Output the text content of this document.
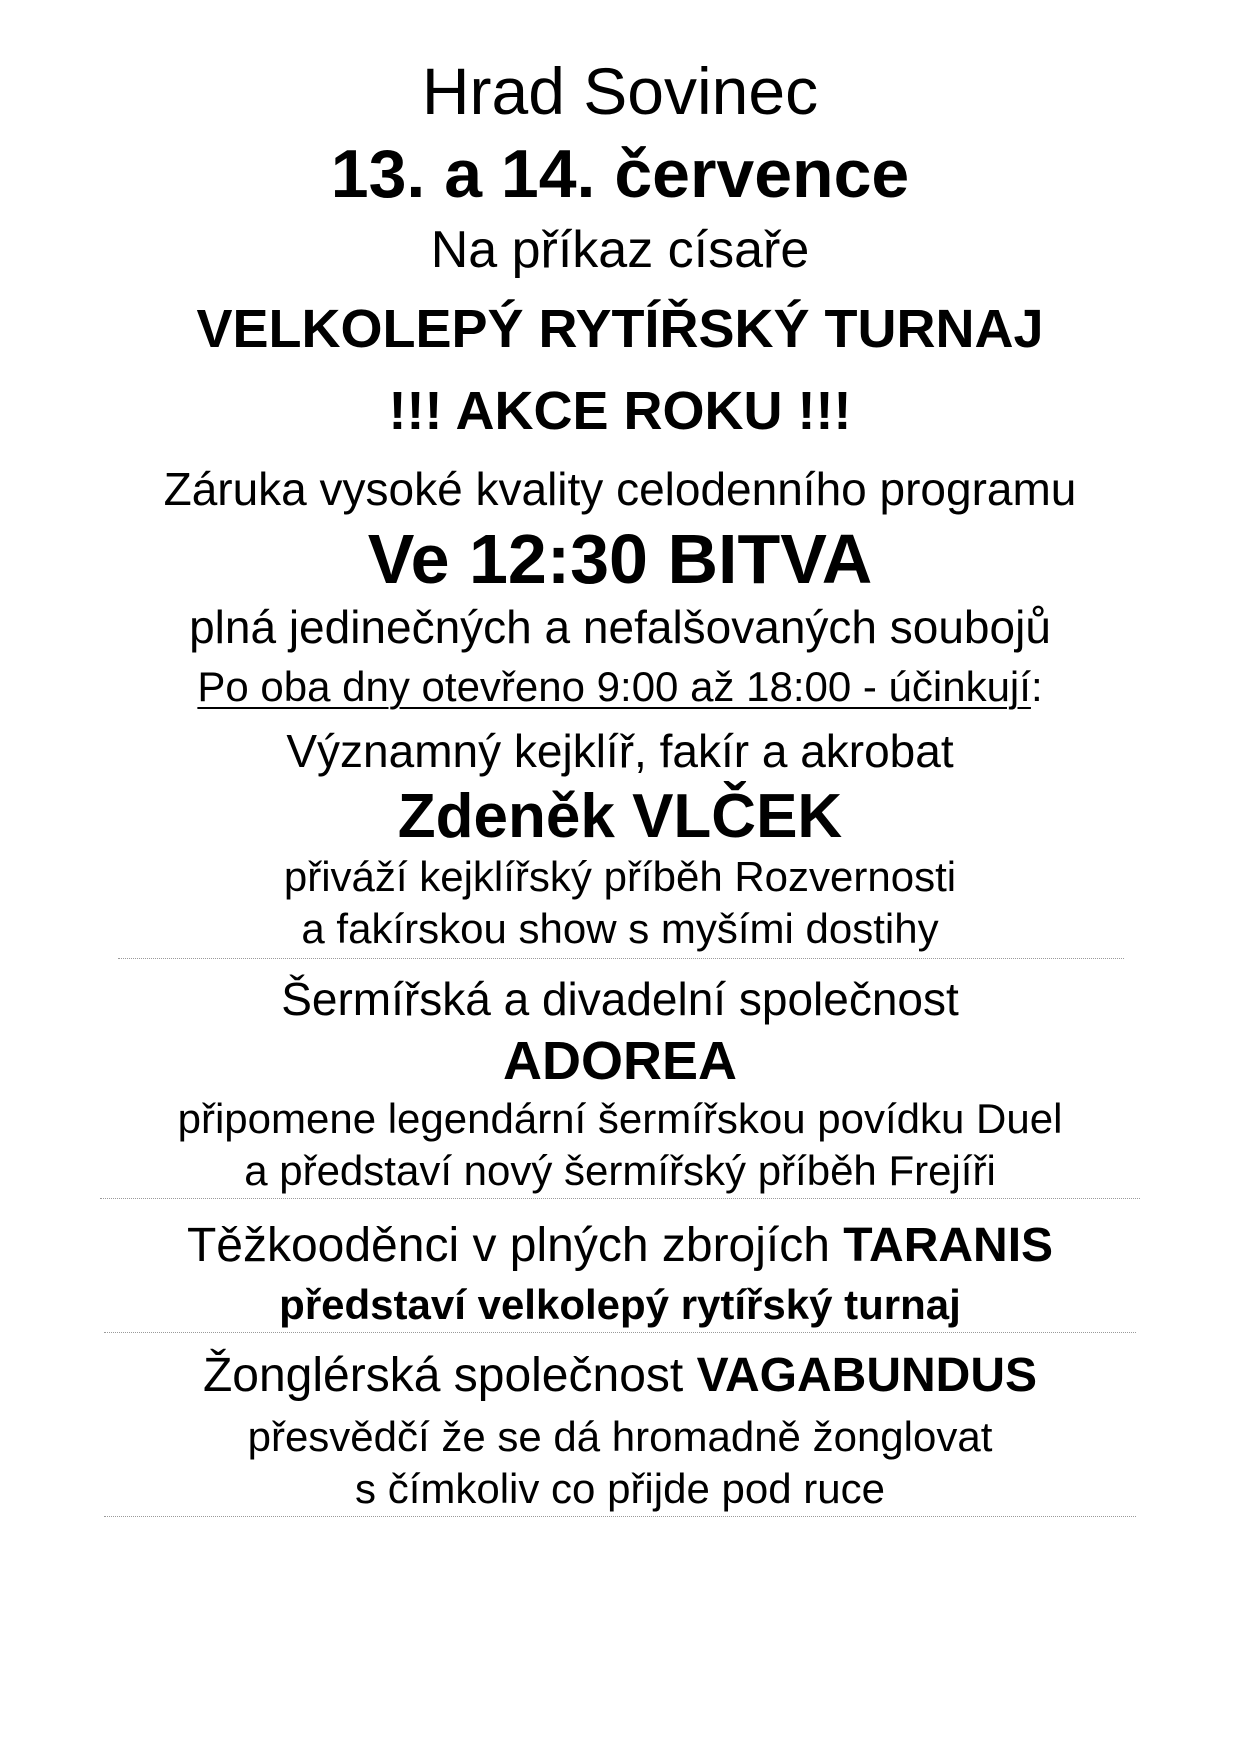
Hrad Sovinec
13. a 14. července
Na příkaz císaře
VELKOLEPÝ RYTÍŘSKÝ TURNAJ
!!! AKCE ROKU !!!
Záruka vysoké kvality celodenního programu
Ve 12:30 BITVA
plná jedinečných a nefalšovaných soubojů
Po oba dny otevřeno 9:00 až 18:00 - účinkují:
Významný kejklíř, fakír a akrobat
Zdeněk VLČEK
přiváží kejklířský příběh Rozvernosti
a fakírskou show s myšími dostihy
Šermířská a divadelní společnost
ADOREA
připomene legendární šermířskou povídku Duel
a představí nový šermířský příběh Frejíři
Těžkooděnci v plných zbrojích TARANIS
představí velkolepý rytířský turnaj
Žonglérská společnost VAGABUNDUS
přesvědčí že se dá hromadně žonglovat
s čímkoliv co přijde pod ruce
